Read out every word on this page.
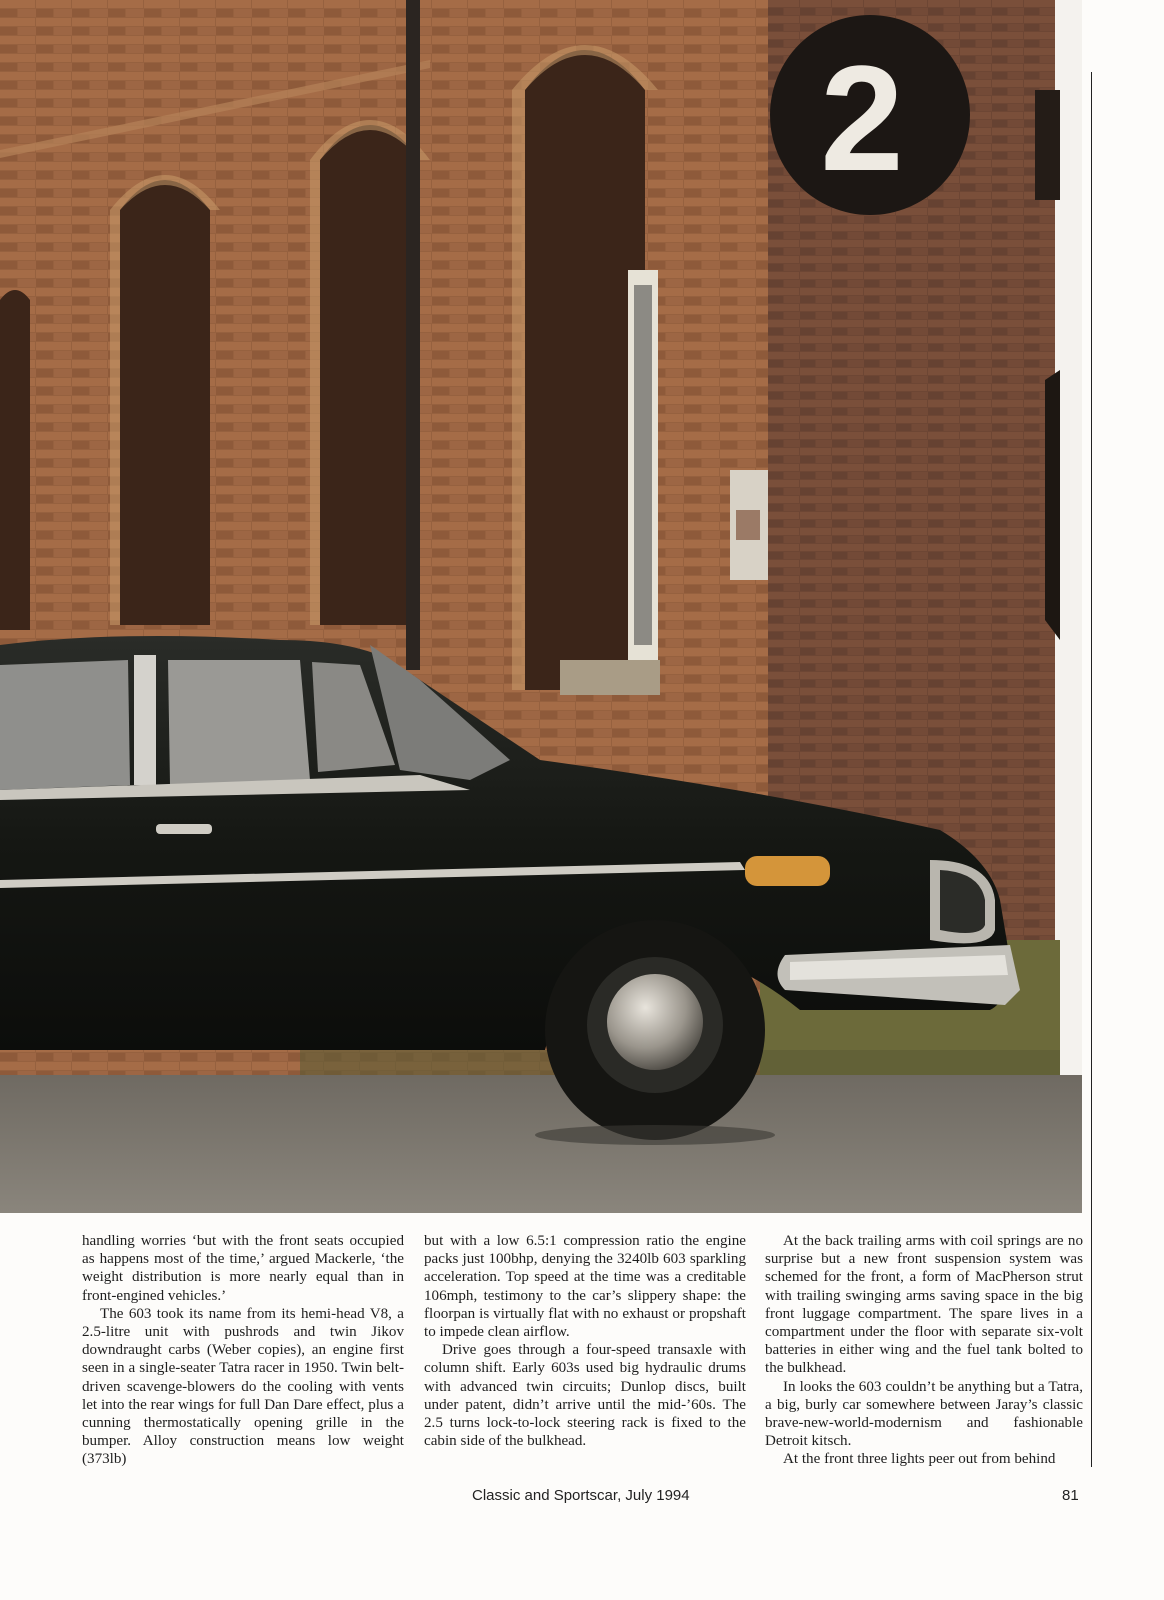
2

handling worries ‘but with the front seats occupied as happens most of the time,’ argued Mackerle, ‘the weight distribution is more nearly equal than in front-engined vehicles.’

The 603 took its name from its hemi-head V8, a 2.5-litre unit with pushrods and twin Jikov downdraught carbs (Weber copies), an engine first seen in a single-seater Tatra racer in 1950. Twin belt-driven scavenge-blowers do the cooling with vents let into the rear wings for full Dan Dare effect, plus a cunning thermostatically opening grille in the bumper. Alloy construction means low weight (373lb)

but with a low 6.5:1 compression ratio the engine packs just 100bhp, denying the 3240lb 603 sparkling acceleration. Top speed at the time was a creditable 106mph, testimony to the car’s slippery shape: the floorpan is virtually flat with no exhaust or propshaft to impede clean airflow.

Drive goes through a four-speed transaxle with column shift. Early 603s used big hydraulic drums with advanced twin circuits; Dunlop discs, built under patent, didn’t arrive until the mid-’60s. The 2.5 turns lock-to-lock steering rack is fixed to the cabin side of the bulkhead.

At the back trailing arms with coil springs are no surprise but a new front suspension system was schemed for the front, a form of MacPherson strut with trailing swinging arms saving space in the big front luggage compartment. The spare lives in a compartment under the floor with separate six-volt batteries in either wing and the fuel tank bolted to the bulkhead.

In looks the 603 couldn’t be anything but a Tatra, a big, burly car somewhere between Jaray’s classic brave-new-world-modernism and fashionable Detroit kitsch.

At the front three lights peer out from behind

Classic and Sportscar, July 1994	81
